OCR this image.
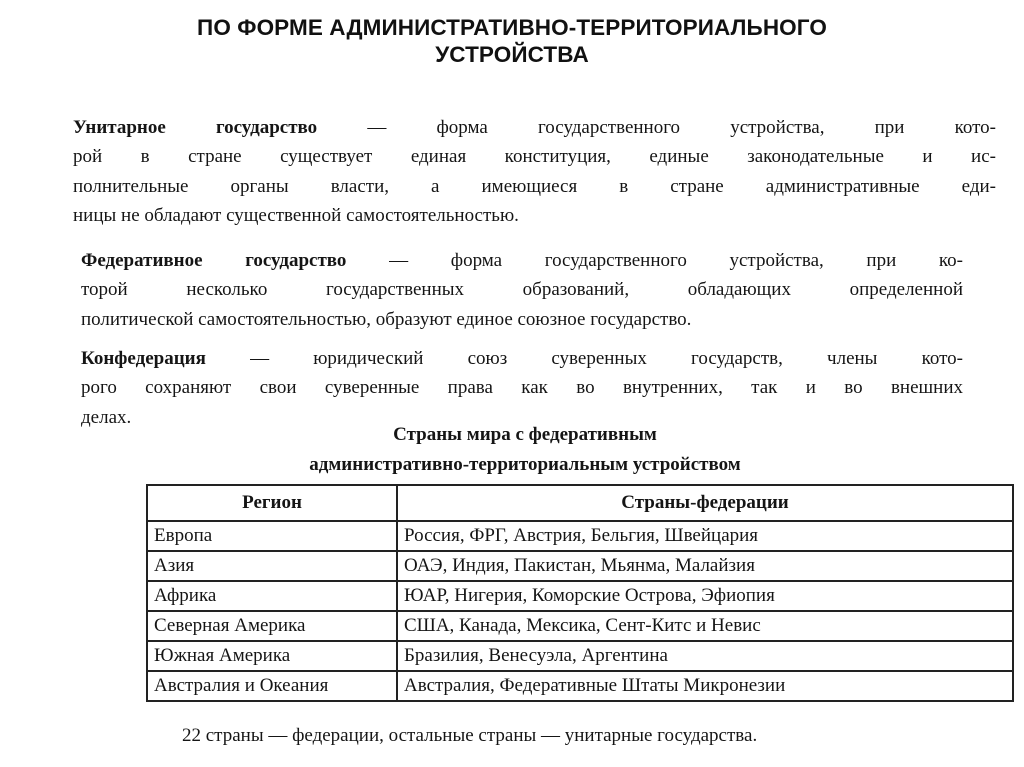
ПО ФОРМЕ АДМИНИСТРАТИВНО-ТЕРРИТОРИАЛЬНОГО
УСТРОЙСТВА
Унитарное государство	— форма государственного устройства, при кото-
рой в стране существует единая конституция, единые законодательные и ис-
полнительные органы власти, а имеющиеся в стране административные еди-
ницы не обладают существенной самостоятельностью.
Федеративное государство — форма государственного устройства, при ко-
торой несколько государственных образований, обладающих определенной
политической самостоятельностью, образуют единое союзное государство.
Конфедерация — юридический союз суверенных государств, члены кото-
рого сохраняют свои суверенные права как во внутренних, так и во внешних
делах.
Страны мира с федеративным
административно-территориальным устройством
Регион	Страны-федерации
Европа	Россия, ФРГ, Австрия, Бельгия, Швейцария
Азия	ОАЭ, Индия, Пакистан, Мьянма, Малайзия
Африка	ЮАР, Нигерия, Коморские Острова, Эфиопия
Северная Америка	США, Канада, Мексика, Сент-Китс и Невис
Южная Америка	Бразилия, Венесуэла, Аргентина
Австралия и Океания	Австралия, Федеративные Штаты Микронезии
22 страны — федерации, остальные страны — унитарные государства.
